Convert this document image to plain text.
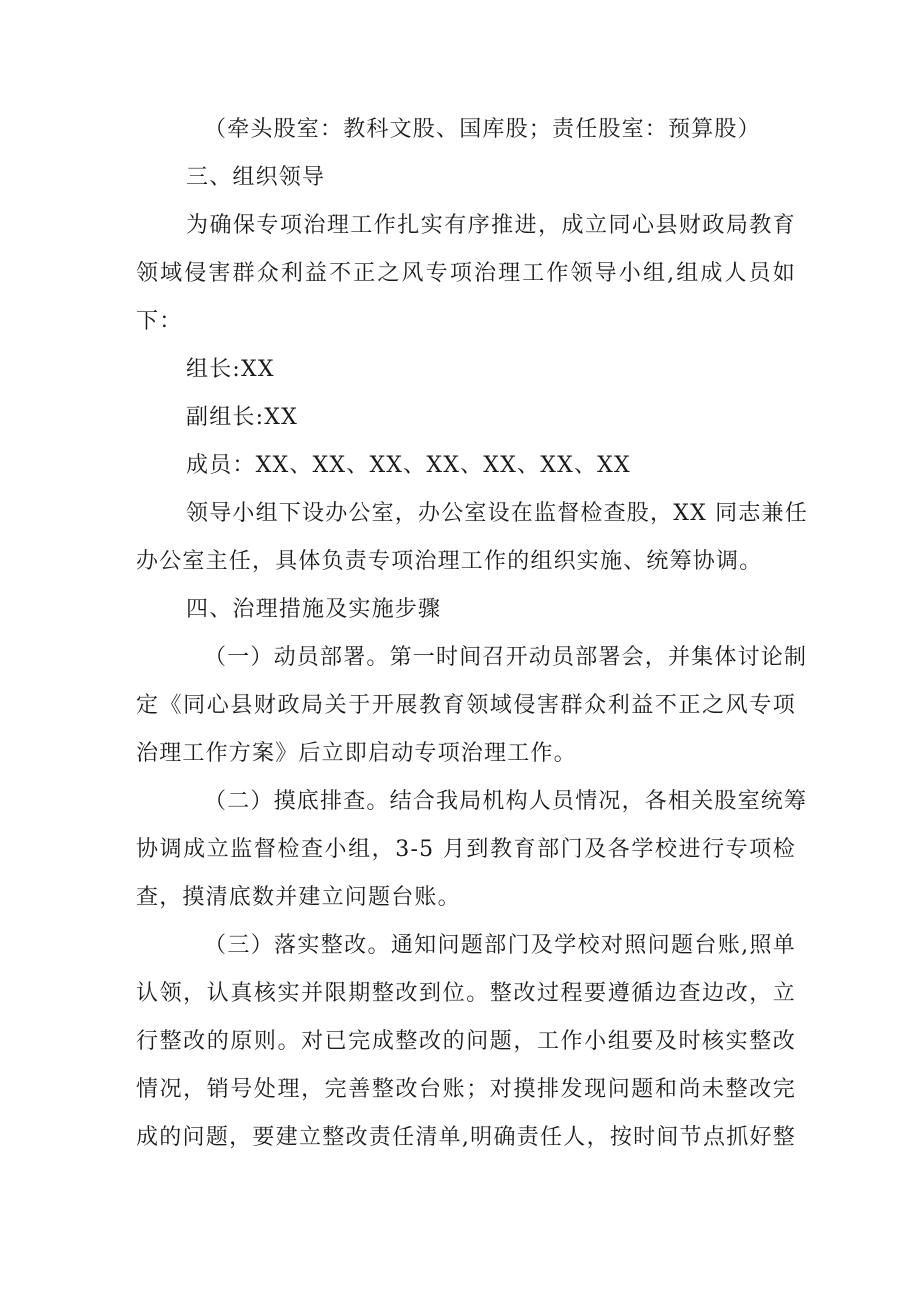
（牵头股室：教科文股、国库股；责任股室：预算股）
三、组织领导
为确保专项治理工作扎实有序推进，成立同心县财政局教育
领域侵害群众利益不正之风专项治理工作领导小组,组成人员如
下：
组长:XX
副组长:XX
成员：XX、XX、XX、XX、XX、XX、XX
领导小组下设办公室，办公室设在监督检查股，XX 同志兼任
办公室主任，具体负责专项治理工作的组织实施、统筹协调。
四、治理措施及实施步骤
（一）动员部署。第一时间召开动员部署会，并集体讨论制
定《同心县财政局关于开展教育领域侵害群众利益不正之风专项
治理工作方案》后立即启动专项治理工作。
（二）摸底排查。结合我局机构人员情况，各相关股室统筹
协调成立监督检查小组，3-5 月到教育部门及各学校进行专项检
查，摸清底数并建立问题台账。
（三）落实整改。通知问题部门及学校对照问题台账,照单
认领，认真核实并限期整改到位。整改过程要遵循边查边改，立
行整改的原则。对已完成整改的问题，工作小组要及时核实整改
情况，销号处理，完善整改台账；对摸排发现问题和尚未整改完
成的问题，要建立整改责任清单,明确责任人，按时间节点抓好整
